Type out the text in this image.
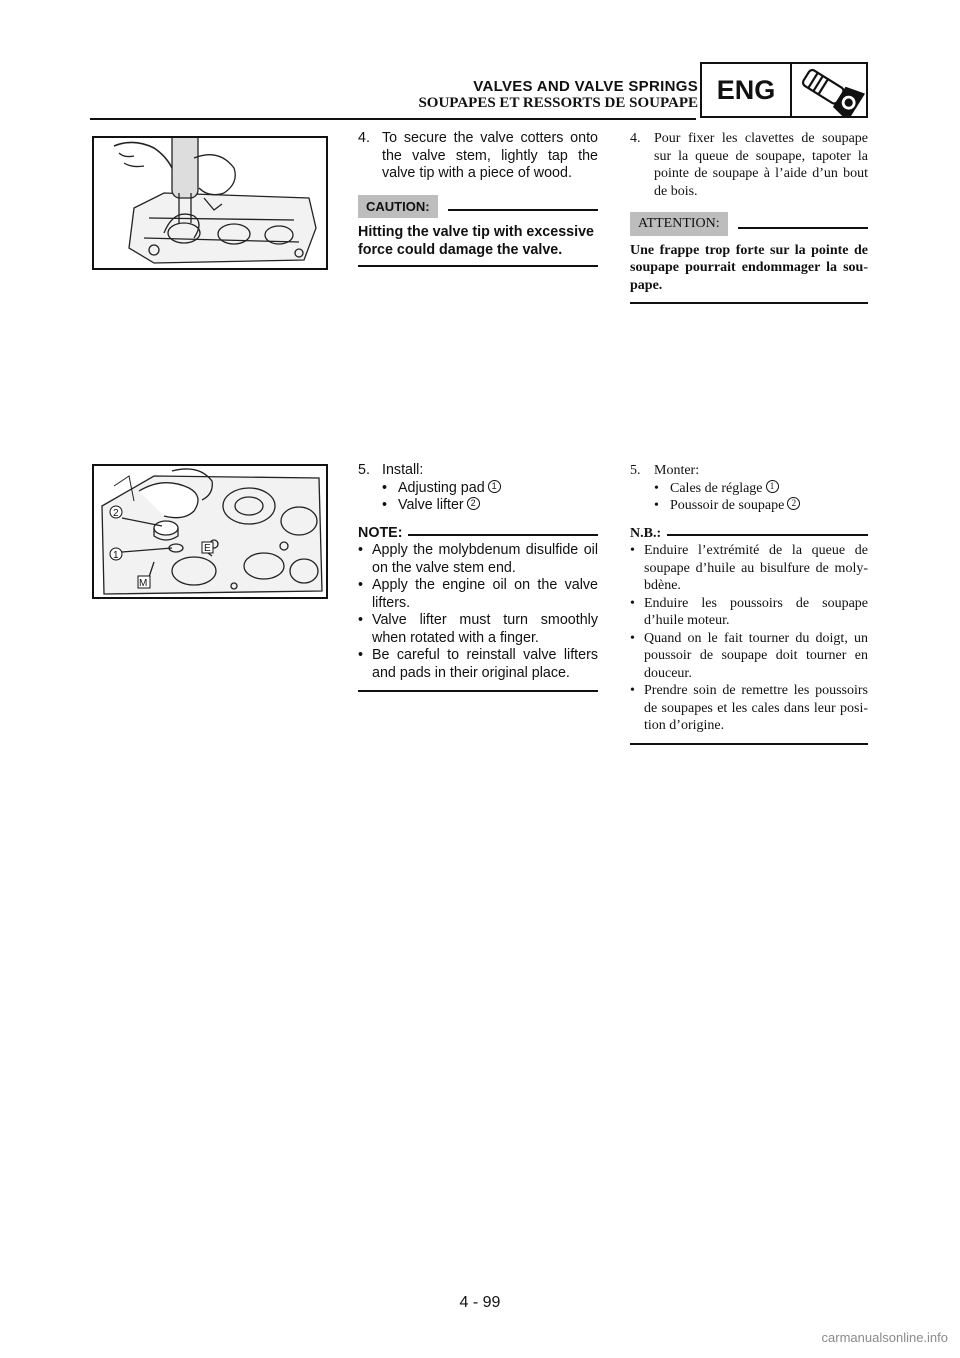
VALVES AND VALVE SPRINGS
SOUPAPES ET RESSORTS DE SOUPAPE ENG
4. To secure the valve cotters onto the valve stem, lightly tap the valve tip with a piece of wood.
CAUTION:
Hitting the valve tip with excessive force could damage the valve.
4. Pour fixer les clavettes de soupape sur la queue de soupape, tapoter la pointe de soupape à l’aide d’un bout de bois.
ATTENTION:
Une frappe trop forte sur la pointe de soupape pourrait endommager la sou-pape.
2
1
E
M
5. Install:
• Adjusting pad 1
• Valve lifter 2
NOTE:
• Apply the molybdenum disulfide oil on the valve stem end.
• Apply the engine oil on the valve lifters.
• Valve lifter must turn smoothly when rotated with a finger.
• Be careful to reinstall valve lifters and pads in their original place.
5. Monter:
• Cales de réglage 1
• Poussoir de soupape 2
N.B.:
• Enduire l’extrémité de la queue de soupape d’huile au bisulfure de moly-bdène.
• Enduire les poussoirs de soupape d’huile moteur.
• Quand on le fait tourner du doigt, un poussoir de soupape doit tourner en douceur.
• Prendre soin de remettre les poussoirs de soupapes et les cales dans leur posi-tion d’origine.
4 - 99
carmanualsonline.info
